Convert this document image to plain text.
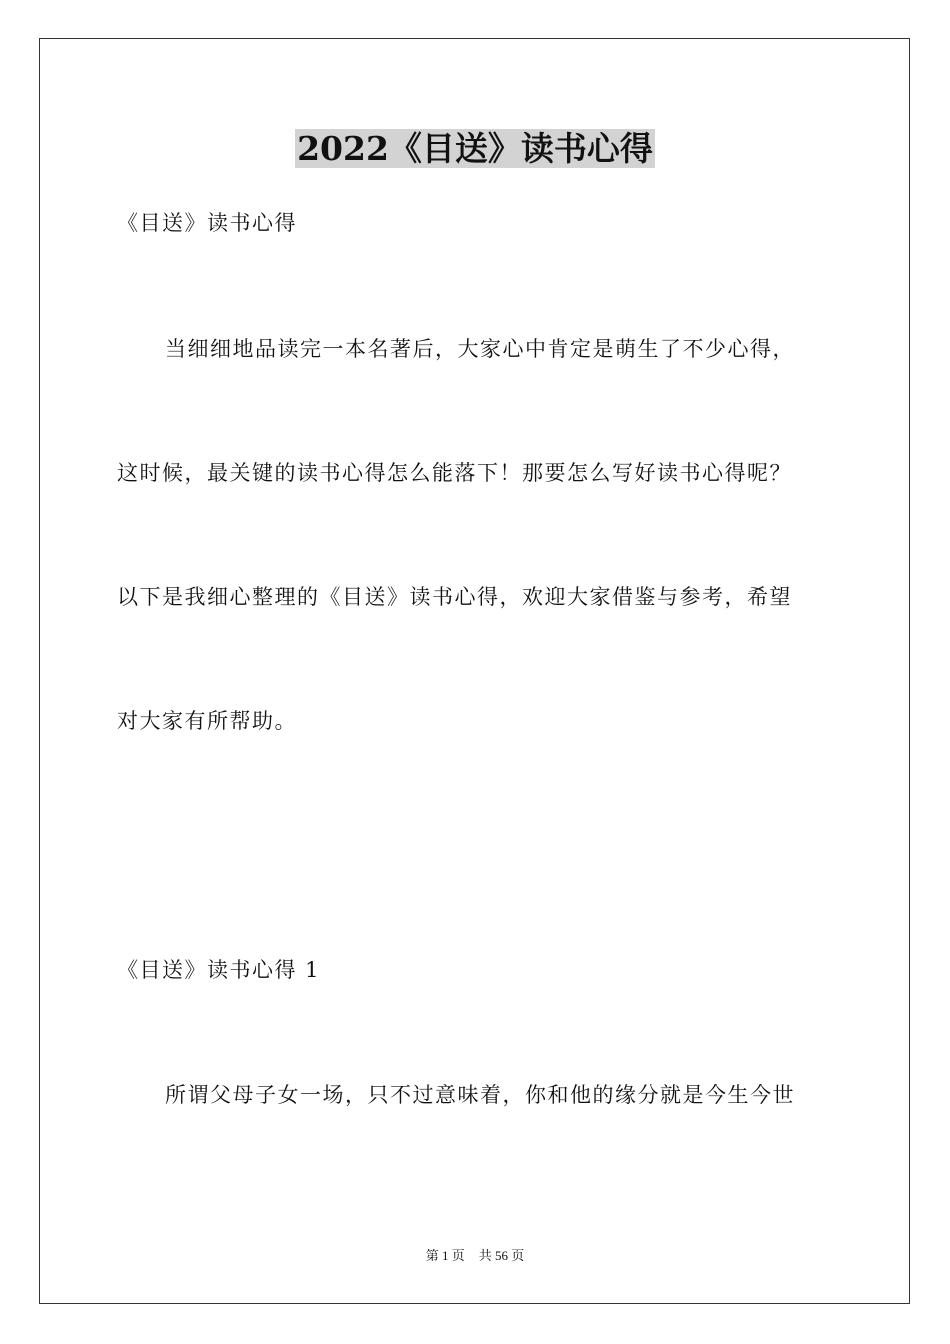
2022《目送》读书心得
《目送》读书心得
当细细地品读完一本名著后，大家心中肯定是萌生了不少心得，
这时候，最关键的读书心得怎么能落下！那要怎么写好读书心得呢？
以下是我细心整理的《目送》读书心得，欢迎大家借鉴与参考，希望
对大家有所帮助。
《目送》读书心得 1
所谓父母子女一场，只不过意味着，你和他的缘分就是今生今世
第 1 页 共 56 页
